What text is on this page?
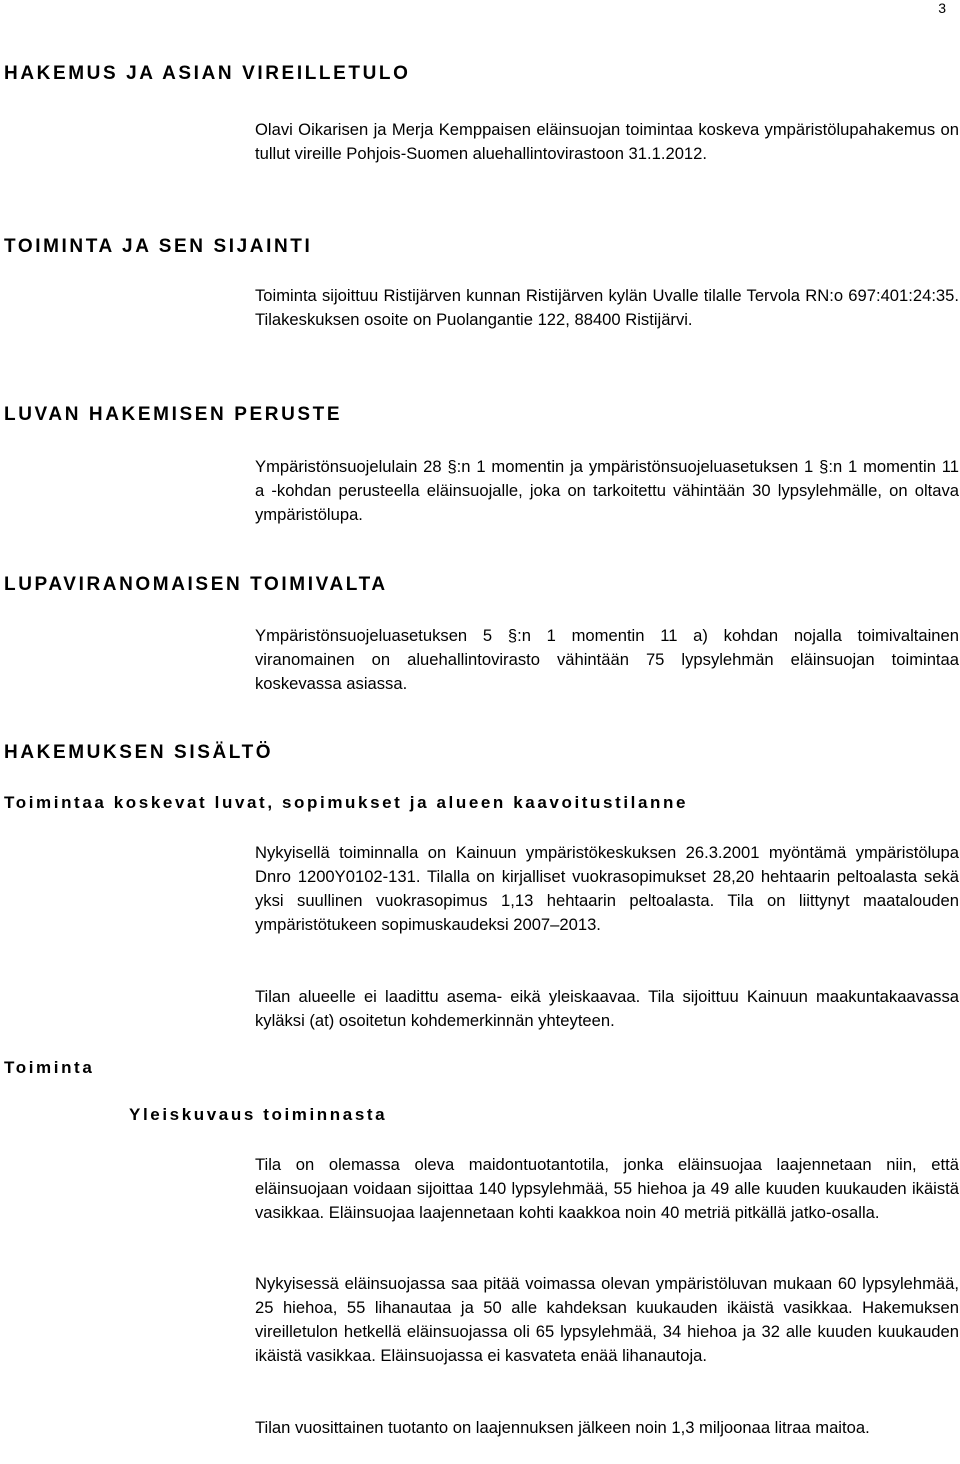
3
HAKEMUS JA ASIAN VIREILLETULO
Olavi Oikarisen ja Merja Kemppaisen eläinsuojan toimintaa koskeva ympäristölupahakemus on tullut vireille Pohjois-Suomen aluehallintovirastoon 31.1.2012.
TOIMINTA JA SEN SIJAINTI
Toiminta sijoittuu Ristijärven kunnan Ristijärven kylän Uvalle tilalle Tervola RN:o 697:401:24:35. Tilakeskuksen osoite on Puolangantie 122, 88400 Ristijärvi.
LUVAN HAKEMISEN PERUSTE
Ympäristönsuojelulain 28 §:n 1 momentin ja ympäristönsuojeluasetuksen 1 §:n 1 momentin 11 a -kohdan perusteella eläinsuojalle, joka on tarkoitettu vähintään 30 lypsylehmälle, on oltava ympäristölupa.
LUPAVIRANOMAISEN TOIMIVALTA
Ympäristönsuojeluasetuksen 5 §:n 1 momentin 11 a) kohdan nojalla toimivaltainen viranomainen on aluehallintovirasto vähintään 75 lypsylehmän eläinsuojan toimintaa koskevassa asiassa.
HAKEMUKSEN SISÄLTÖ
Toimintaa koskevat luvat, sopimukset ja alueen kaavoitustilanne
Nykyisellä toiminnalla on Kainuun ympäristökeskuksen 26.3.2001 myöntämä ympäristölupa Dnro 1200Y0102-131. Tilalla on kirjalliset vuokrasopimukset 28,20 hehtaarin peltoalasta sekä yksi suullinen vuokrasopimus 1,13 hehtaarin peltoalasta. Tila on liittynyt maatalouden ympäristötukeen sopimuskaudeksi 2007–2013.
Tilan alueelle ei laadittu asema- eikä yleiskaavaa. Tila sijoittuu Kainuun maakuntakaavassa kyläksi (at) osoitetun kohdemerkinnän yhteyteen.
Toiminta
Yleiskuvaus toiminnasta
Tila on olemassa oleva maidontuotantotila, jonka eläinsuojaa laajennetaan niin, että eläinsuojaan voidaan sijoittaa 140 lypsylehmää, 55 hiehoa ja 49 alle kuuden kuukauden ikäistä vasikkaa. Eläinsuojaa laajennetaan kohti kaakkoa noin 40 metriä pitkällä jatko-osalla.
Nykyisessä eläinsuojassa saa pitää voimassa olevan ympäristöluvan mukaan 60 lypsylehmää, 25 hiehoa, 55 lihanautaa ja 50 alle kahdeksan kuukauden ikäistä vasikkaa. Hakemuksen vireilletulon hetkellä eläinsuojassa oli 65 lypsylehmää, 34 hiehoa ja 32 alle kuuden kuukauden ikäistä vasikkaa. Eläinsuojassa ei kasvateta enää lihanautoja.
Tilan vuosittainen tuotanto on laajennuksen jälkeen noin 1,3 miljoonaa litraa maitoa.
